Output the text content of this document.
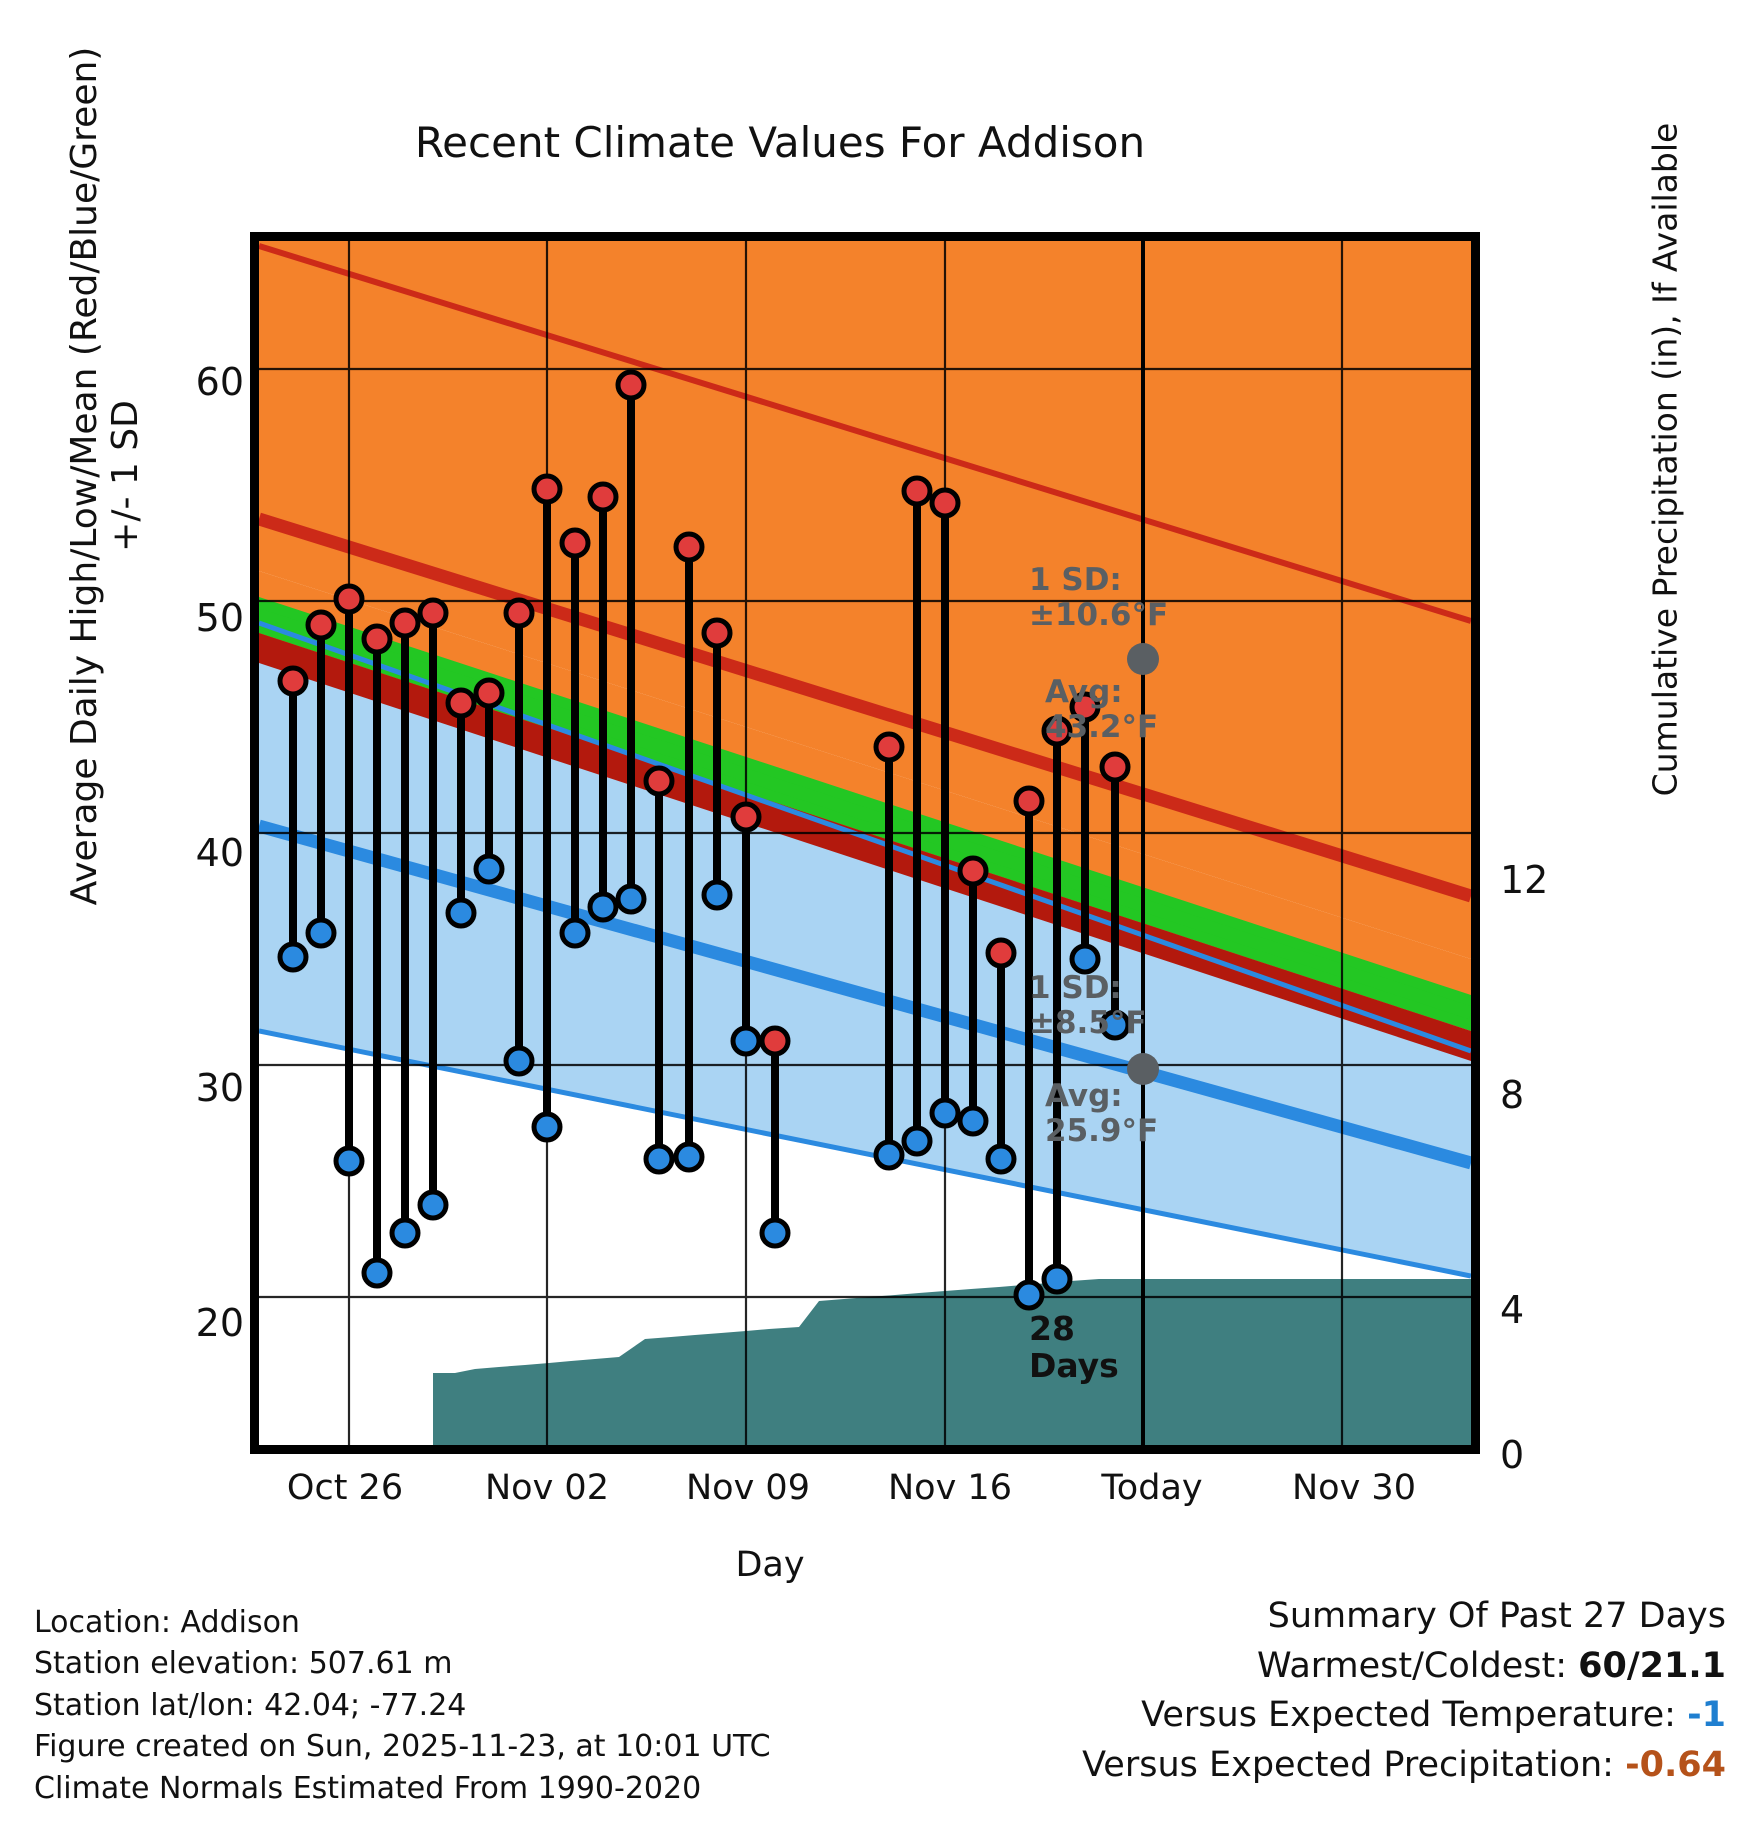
Recent Climate Values For Addison
Average Daily High/Low/Mean (Red/Blue/Green) +/- 1 SD	Cumulative Precipitation (in), If Available
Day
60
50
40
30
20
12
8
4
0
Oct 26	Nov 02	Nov 09	Nov 16	Today	Nov 30
1 SD:
±10.6°F
Avg:
43.2°F
1 SD:
±8.5°F
Avg:
25.9°F
28
Days
Location: Addison
Station elevation: 507.61 m
Station lat/lon: 42.04; -77.24
Figure created on Sun, 2025-11-23, at 10:01 UTC
Climate Normals Estimated From 1990-2020
Summary Of Past 27 Days
Warmest/Coldest: 60/21.1
Versus Expected Temperature: -1
Versus Expected Precipitation: -0.64
